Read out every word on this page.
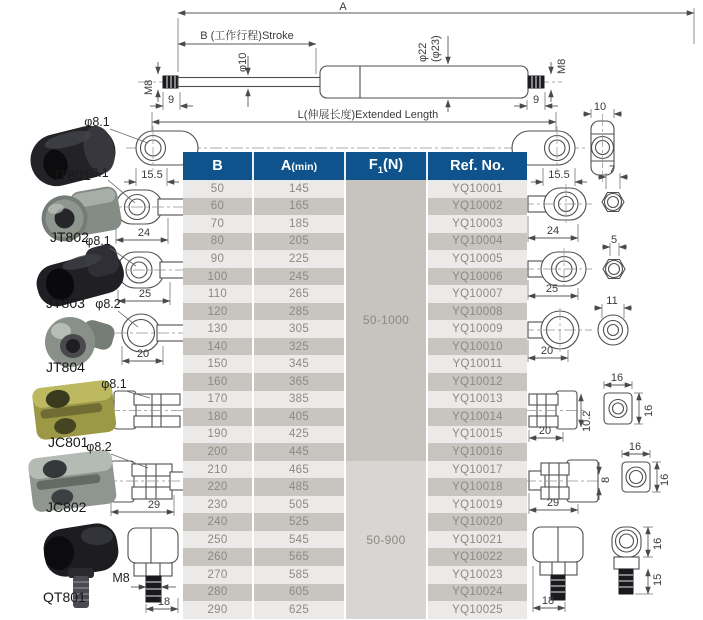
A
B (工作行程)Stroke
φ10
φ22 (φ23)
M8
9
M8
9
L(伸展长度)Extended Length
15.5	15.5
10
24
7
25
5
20
11
20	10.2
16
16
29
8
16
16
18
16
15
24
25
20
29
M8
18
φ8.1
JT801
φ8.1
JT802
φ8.1
JT803 φ8.2
JT804
φ8.1
JC801
φ8.2
JC802
QT801
B	A(min)	$F_1(N)$	Ref. No.
50	145	50-1000	YQ10001
60	165		YQ10002
70	185		YQ10003
80	205		YQ10004
90	225		YQ10005
100	245		YQ10006
110	265		YQ10007
120	285		YQ10008
130	305		YQ10009
140	325		YQ10010
150	345		YQ10011
160	365		YQ10012
170	385		YQ10013
180	405		YQ10014
190	425		YQ10015
200	445		YQ10016
210	465	50-900	YQ10017
220	485		YQ10018
230	505		YQ10019
240	525		YQ10020
250	545		YQ10021
260	565		YQ10022
270	585		YQ10023
280	605		YQ10024
290	625		YQ10025
